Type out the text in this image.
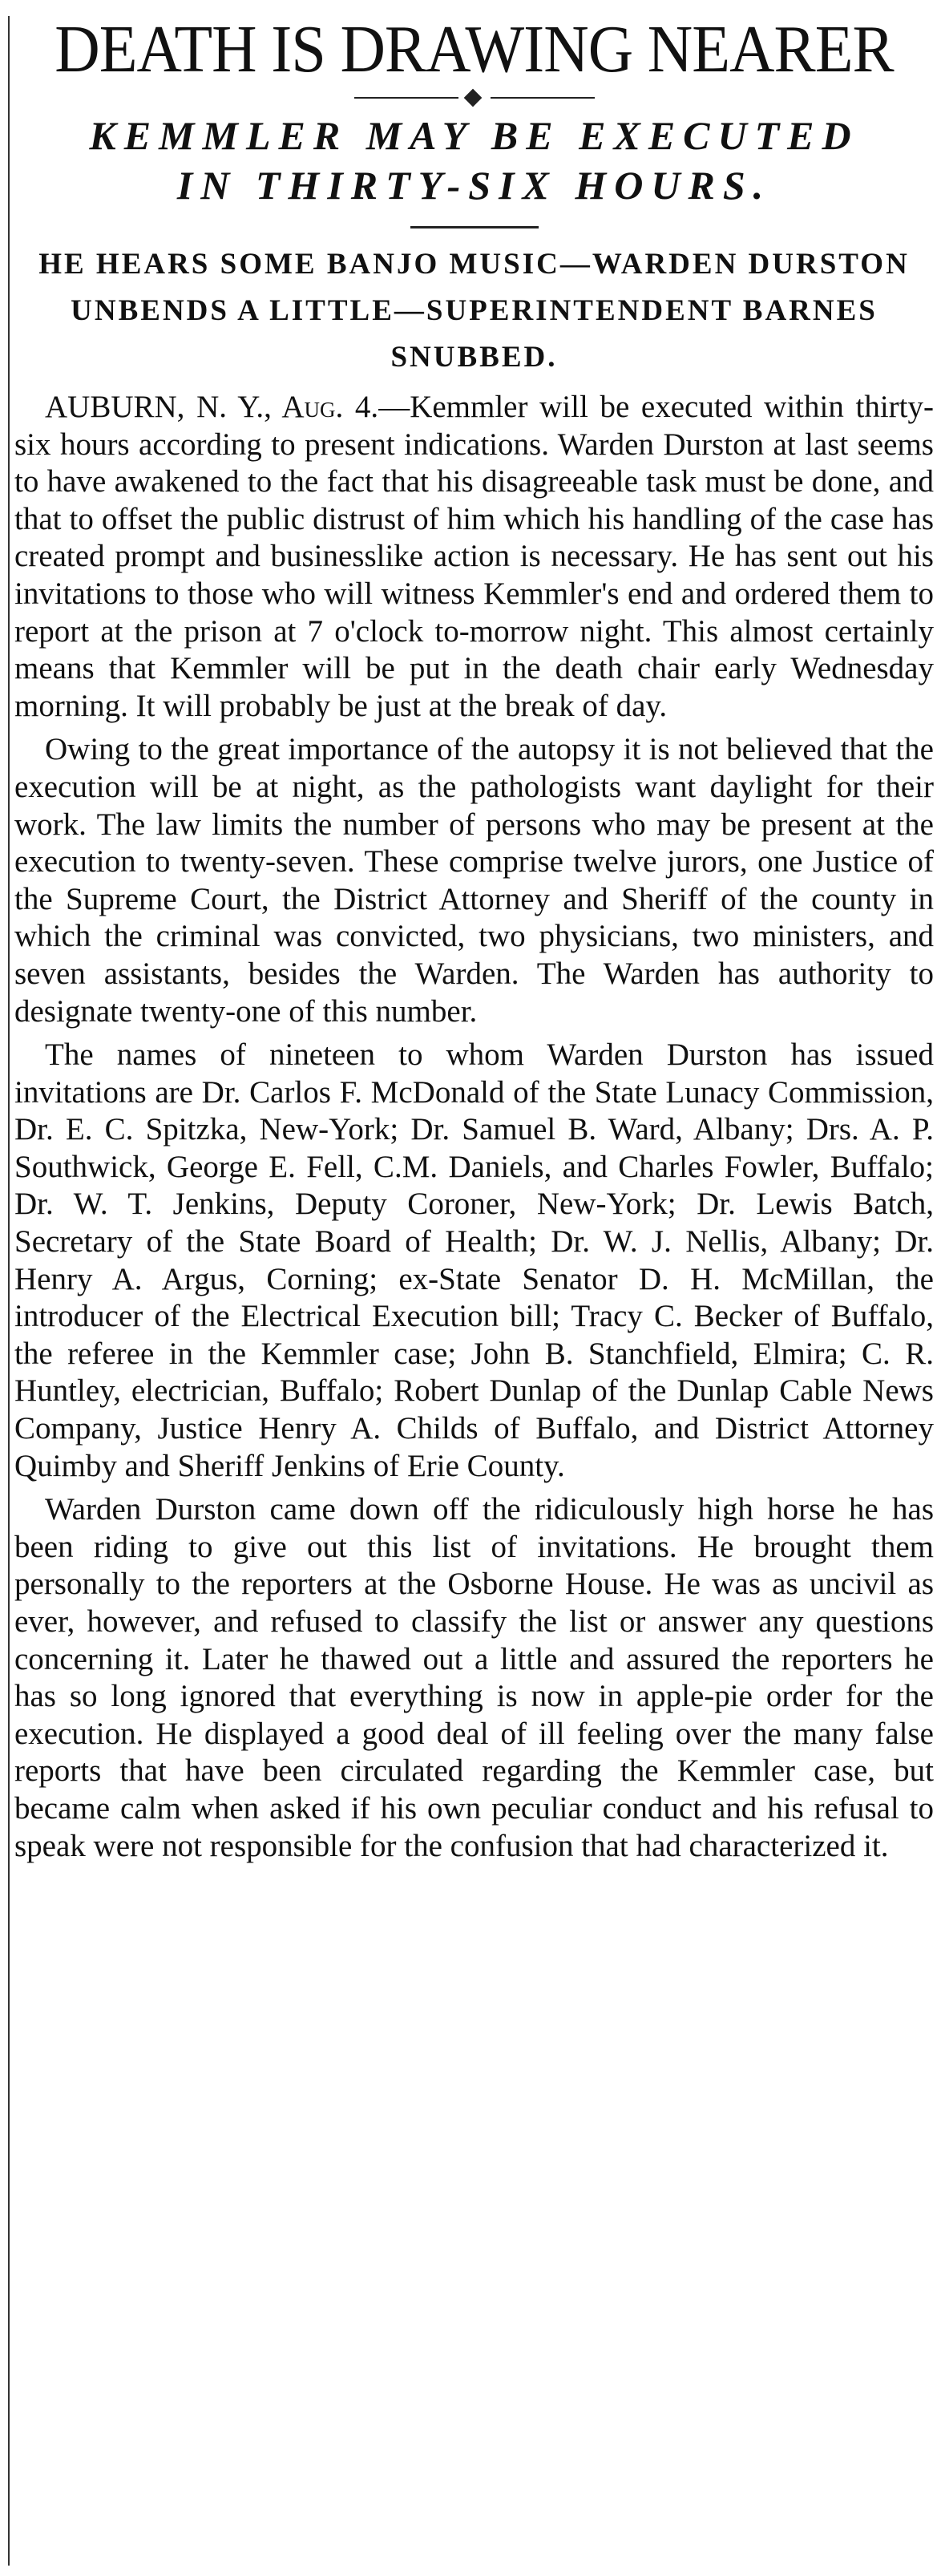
DEATH IS DRAWING NEARER
KEMMLER MAY BE EXECUTED
IN THIRTY-SIX HOURS.
HE HEARS SOME BANJO MUSIC—WARDEN DURSTON UNBENDS A LITTLE—SUPERINTENDENT BARNES SNUBBED.

AUBURN, N. Y., Aug. 4.—Kemmler will be executed within thirty-six hours according to present indications. Warden Durston at last seems to have awakened to the fact that his disagreeable task must be done, and that to offset the public distrust of him which his handling of the case has created prompt and businesslike action is necessary. He has sent out his invitations to those who will witness Kemmler's end and ordered them to report at the prison at 7 o'clock to-morrow night. This almost certainly means that Kemmler will be put in the death chair early Wednesday morning. It will probably be just at the break of day.

Owing to the great importance of the autopsy it is not believed that the execution will be at night, as the pathologists want daylight for their work. The law limits the number of persons who may be present at the execution to twenty-seven. These comprise twelve jurors, one Justice of the Supreme Court, the District Attorney and Sheriff of the county in which the criminal was convicted, two physicians, two ministers, and seven assistants, besides the Warden. The Warden has authority to designate twenty-one of this number.

The names of nineteen to whom Warden Durston has issued invitations are Dr. Carlos F. McDonald of the State Lunacy Commission, Dr. E. C. Spitzka, New-York; Dr. Samuel B. Ward, Albany; Drs. A. P. Southwick, George E. Fell, C.M. Daniels, and Charles Fowler, Buffalo; Dr. W. T. Jenkins, Deputy Coroner, New-York; Dr. Lewis Batch, Secretary of the State Board of Health; Dr. W. J. Nellis, Albany; Dr. Henry A. Argus, Corning; ex-State Senator D. H. McMillan, the introducer of the Electrical Execution bill; Tracy C. Becker of Buffalo, the referee in the Kemmler case; John B. Stanchfield, Elmira; C. R. Huntley, electrician, Buffalo; Robert Dunlap of the Dunlap Cable News Company, Justice Henry A. Childs of Buffalo, and District Attorney Quimby and Sheriff Jenkins of Erie County.

Warden Durston came down off the ridiculously high horse he has been riding to give out this list of invitations. He brought them personally to the reporters at the Osborne House. He was as uncivil as ever, however, and refused to classify the list or answer any questions concerning it. Later he thawed out a little and assured the reporters he has so long ignored that everything is now in apple-pie order for the execution. He displayed a good deal of ill feeling over the many false reports that have been circulated regarding the Kemmler case, but became calm when asked if his own peculiar conduct and his refusal to speak were not responsible for the confusion that had characterized it.
